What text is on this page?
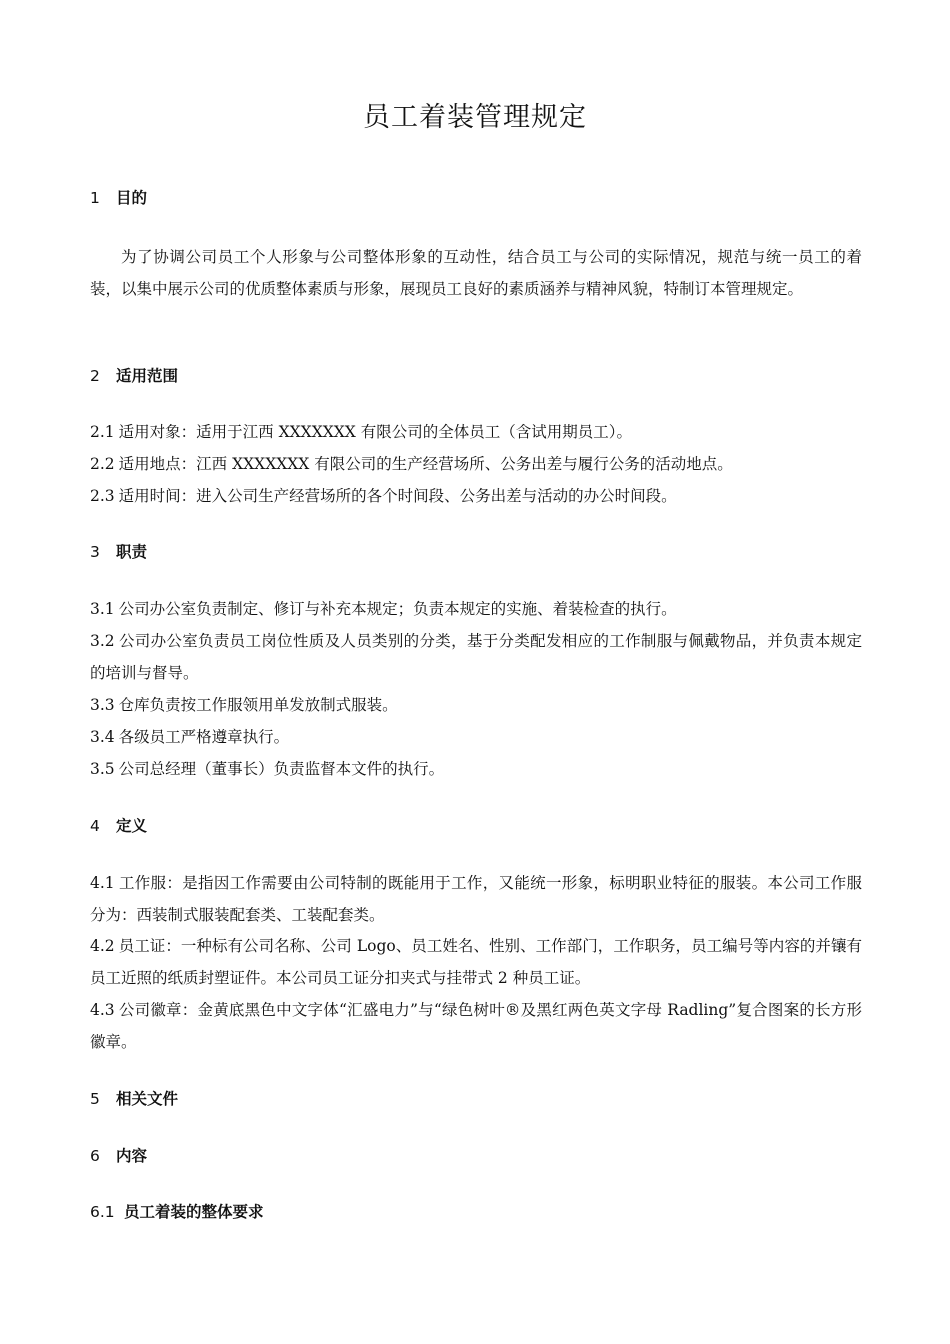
员工着装管理规定
1 目的
为了协调公司员工个人形象与公司整体形象的互动性，结合员工与公司的实际情况，规范与统一员工的着装，以集中展示公司的优质整体素质与形象，展现员工良好的素质涵养与精神风貌，特制订本管理规定。
2 适用范围
2.1 适用对象：适用于江西 XXXXXXX 有限公司的全体员工（含试用期员工）。
2.2 适用地点：江西 XXXXXXX 有限公司的生产经营场所、公务出差与履行公务的活动地点。
2.3 适用时间：进入公司生产经营场所的各个时间段、公务出差与活动的办公时间段。
3 职责
3.1 公司办公室负责制定、修订与补充本规定；负责本规定的实施、着装检查的执行。
3.2 公司办公室负责员工岗位性质及人员类别的分类，基于分类配发相应的工作制服与佩戴物品，并负责本规定的培训与督导。
3.3 仓库负责按工作服领用单发放制式服装。
3.4 各级员工严格遵章执行。
3.5 公司总经理（董事长）负责监督本文件的执行。
4 定义
4.1 工作服：是指因工作需要由公司特制的既能用于工作，又能统一形象，标明职业特征的服装。本公司工作服分为：西装制式服装配套类、工装配套类。
4.2 员工证：一种标有公司名称、公司 Logo、员工姓名、性别、工作部门，工作职务，员工编号等内容的并镶有员工近照的纸质封塑证件。本公司员工证分扣夹式与挂带式 2 种员工证。
4.3 公司徽章：金黄底黑色中文字体“汇盛电力”与“绿色树叶®及黑红两色英文字母 Radling”复合图案的长方形徽章。
5 相关文件
6 内容
6.1 员工着装的整体要求
